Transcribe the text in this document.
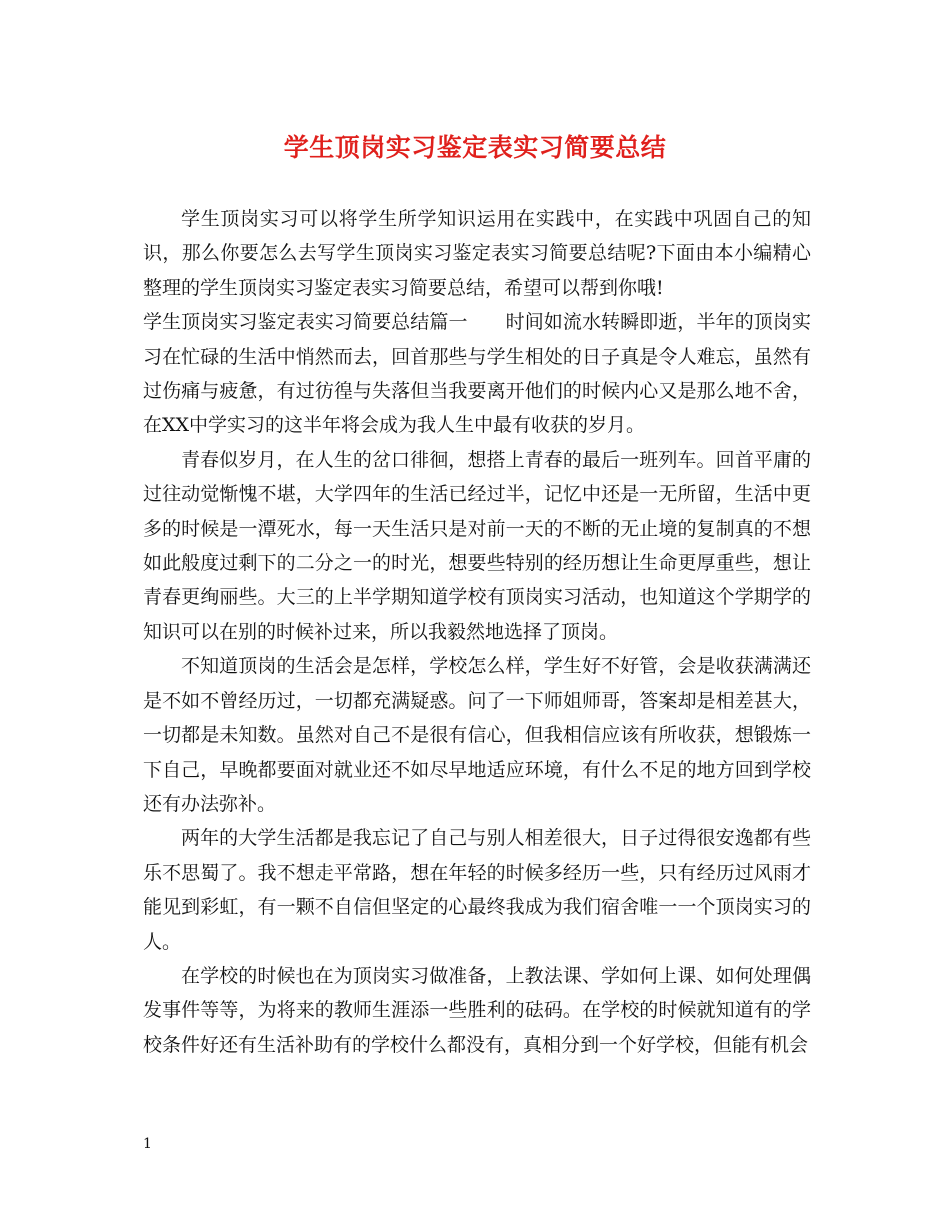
学生顶岗实习鉴定表实习简要总结

学生顶岗实习可以将学生所学知识运用在实践中，在实践中巩固自己的知识，那么你要怎么去写学生顶岗实习鉴定表实习简要总结呢?下面由本小编精心整理的学生顶岗实习鉴定表实习简要总结，希望可以帮到你哦!

学生顶岗实习鉴定表实习简要总结篇一 时间如流水转瞬即逝，半年的顶岗实习在忙碌的生活中悄然而去，回首那些与学生相处的日子真是令人难忘，虽然有过伤痛与疲惫，有过彷徨与失落但当我要离开他们的时候内心又是那么地不舍，在XX中学实习的这半年将会成为我人生中最有收获的岁月。

青春似岁月，在人生的岔口徘徊，想搭上青春的最后一班列车。回首平庸的过往动觉惭愧不堪，大学四年的生活已经过半，记忆中还是一无所留，生活中更多的时候是一潭死水，每一天生活只是对前一天的不断的无止境的复制真的不想如此般度过剩下的二分之一的时光，想要些特别的经历想让生命更厚重些，想让青春更绚丽些。大三的上半学期知道学校有顶岗实习活动，也知道这个学期学的知识可以在别的时候补过来，所以我毅然地选择了顶岗。

不知道顶岗的生活会是怎样，学校怎么样，学生好不好管，会是收获满满还是不如不曾经历过，一切都充满疑惑。问了一下师姐师哥，答案却是相差甚大，一切都是未知数。虽然对自己不是很有信心，但我相信应该有所收获，想锻炼一下自己，早晚都要面对就业还不如尽早地适应环境，有什么不足的地方回到学校还有办法弥补。

两年的大学生活都是我忘记了自己与别人相差很大，日子过得很安逸都有些乐不思蜀了。我不想走平常路，想在年轻的时候多经历一些，只有经历过风雨才能见到彩虹，有一颗不自信但坚定的心最终我成为我们宿舍唯一一个顶岗实习的人。

在学校的时候也在为顶岗实习做准备，上教法课、学如何上课、如何处理偶发事件等等，为将来的教师生涯添一些胜利的砝码。在学校的时候就知道有的学校条件好还有生活补助有的学校什么都没有，真相分到一个好学校，但能有机会

1
